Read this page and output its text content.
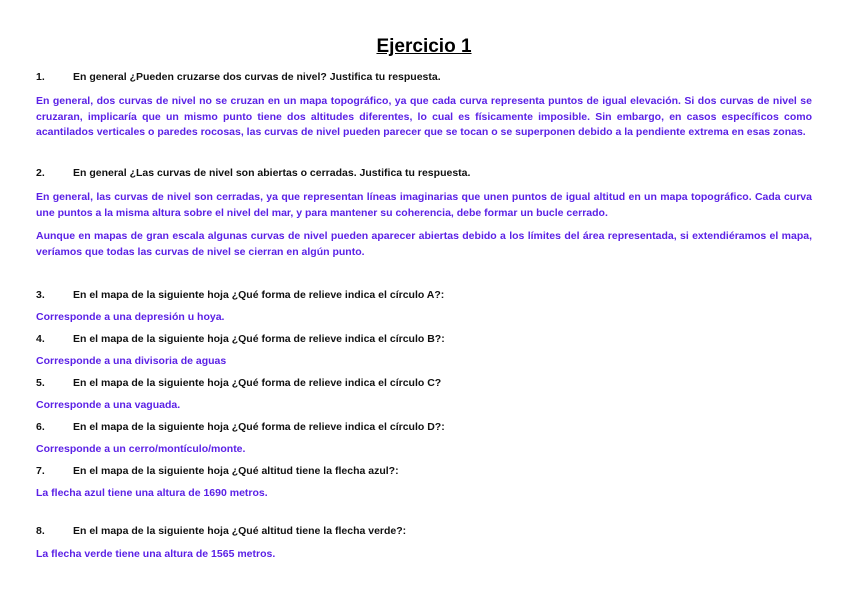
Ejercicio 1
1.	En general ¿Pueden cruzarse dos curvas de nivel? Justifica tu respuesta.
En general, dos curvas de nivel no se cruzan en un mapa topográfico, ya que cada curva representa puntos de igual elevación. Si dos curvas de nivel se cruzaran, implicaría que un mismo punto tiene dos altitudes diferentes, lo cual es físicamente imposible. Sin embargo, en casos específicos como acantilados verticales o paredes rocosas, las curvas de nivel pueden parecer que se tocan o se superponen debido a la pendiente extrema en esas zonas.
2.	En general ¿Las curvas de nivel son abiertas o cerradas. Justifica tu respuesta.
En general, las curvas de nivel son cerradas, ya que representan líneas imaginarias que unen puntos de igual altitud en un mapa topográfico. Cada curva une puntos a la misma altura sobre el nivel del mar, y para mantener su coherencia, debe formar un bucle cerrado.
Aunque en mapas de gran escala algunas curvas de nivel pueden aparecer abiertas debido a los límites del área representada, si extendiéramos el mapa, veríamos que todas las curvas de nivel se cierran en algún punto.
3.	En el mapa de la siguiente hoja ¿Qué forma de relieve indica el círculo A?:
Corresponde a una depresión u hoya.
4.	En el mapa de la siguiente hoja ¿Qué forma de relieve indica el círculo B?:
Corresponde a una divisoria de aguas
5.	En el mapa de la siguiente hoja ¿Qué forma de relieve indica el círculo C?
Corresponde a una vaguada.
6.	En el mapa de la siguiente hoja ¿Qué forma de relieve indica el círculo D?:
Corresponde a un cerro/montículo/monte.
7.	En el mapa de la siguiente hoja ¿Qué altitud tiene la flecha azul?:
La flecha azul tiene una altura de 1690 metros.
8.	En el mapa de la siguiente hoja ¿Qué altitud tiene la flecha verde?:
La flecha verde tiene una altura de 1565 metros.
